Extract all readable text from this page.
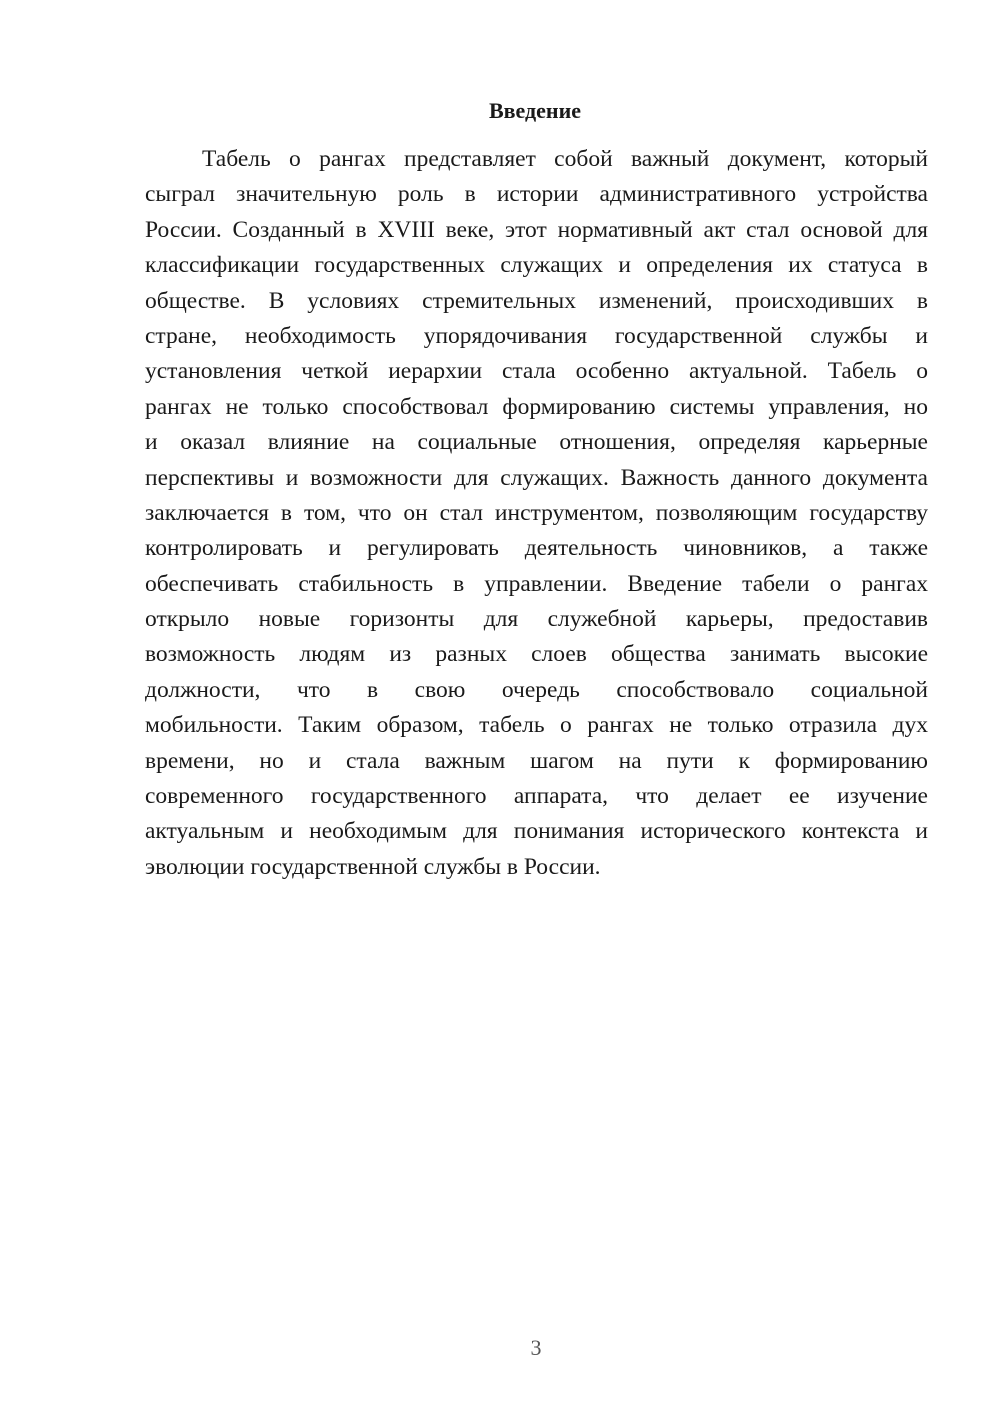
Введение
Табель о рангах представляет собой важный документ, который
сыграл значительную роль в истории административного устройства
России. Созданный в XVIII веке, этот нормативный акт стал основой для
классификации государственных служащих и определения их статуса в
обществе. В условиях стремительных изменений, происходивших в
стране, необходимость упорядочивания государственной службы и
установления четкой иерархии стала особенно актуальной. Табель о
рангах не только способствовал формированию системы управления, но
и оказал влияние на социальные отношения, определяя карьерные
перспективы и возможности для служащих. Важность данного документа
заключается в том, что он стал инструментом, позволяющим государству
контролировать и регулировать деятельность чиновников, а также
обеспечивать стабильность в управлении. Введение табели о рангах
открыло новые горизонты для служебной карьеры, предоставив
возможность людям из разных слоев общества занимать высокие
должности, что в свою очередь способствовало социальной
мобильности. Таким образом, табель о рангах не только отразила дух
времени, но и стала важным шагом на пути к формированию
современного государственного аппарата, что делает ее изучение
актуальным и необходимым для понимания исторического контекста и
эволюции государственной службы в России.
3
